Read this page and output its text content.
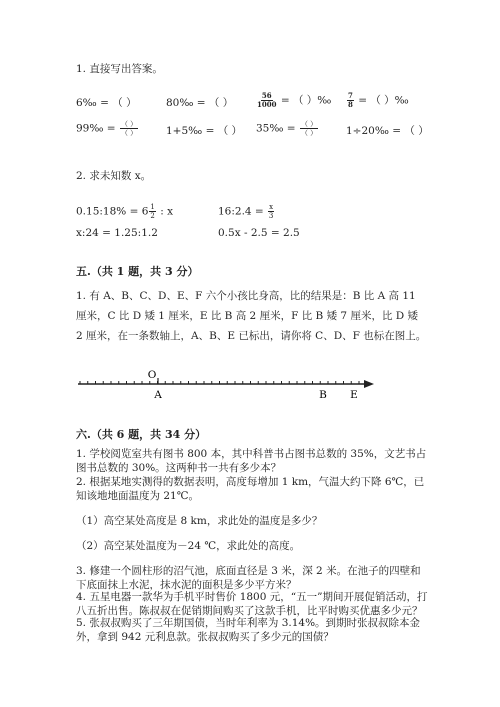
1. 直接写出答案。
6‰ = （ ）	80‰ = （ ）	$\frac{56}{1000}$ = （ ）‰ $\frac{7}{8}$ = （ ）‰
99‰ = $\frac{( )}{( )}$	1+5‰ = （ ） 35‰ = $\frac{( )}{( )}$	1÷20‰ = （ ）
2. 求未知数 x。
0.15:18% = $6 \frac{1}{2}$ : x	16:2.4 = $\frac{x}{3}$
x:24 = 1.25:1.2	0.5x - 2.5 = 2.5
五.（共 1 题，共 3 分）
1. 有 A、B、C、D、E、F 六个小孩比身高，比的结果是：B 比 A 高 11 厘米，C 比 D 矮 1 厘米，E 比 B 高 2 厘米，F 比 B 矮 7 厘米，比 D 矮 2 厘米，在一条数轴上，A、B、E 已标出，请你将 C、D、F 也标在图上。
O
A	B E
六.（共 6 题，共 34 分）
1. 学校阅览室共有图书 800 本，其中科普书占图书总数的 35%，文艺书占图书总数的 30%。这两种书一共有多少本？
2. 根据某地实测得的数据表明，高度每增加 1 km，气温大约下降 6℃，已知该地地面温度为 21℃。
（1）高空某处高度是 8 km，求此处的温度是多少？
（2）高空某处温度为－24 ℃，求此处的高度。
3. 修建一个圆柱形的沼气池，底面直径是 3 米，深 2 米。在池子的四壁和下底面抹上水泥，抹水泥的面积是多少平方米？
4. 五星电器一款华为手机平时售价 1800 元，“五一”期间开展促销活动，打八五折出售。陈叔叔在促销期间购买了这款手机，比平时购买优惠多少元？
5. 张叔叔购买了三年期国债，当时年利率为 3.14%。到期时张叔叔除本金外，拿到 942 元利息款。张叔叔购买了多少元的国债？
